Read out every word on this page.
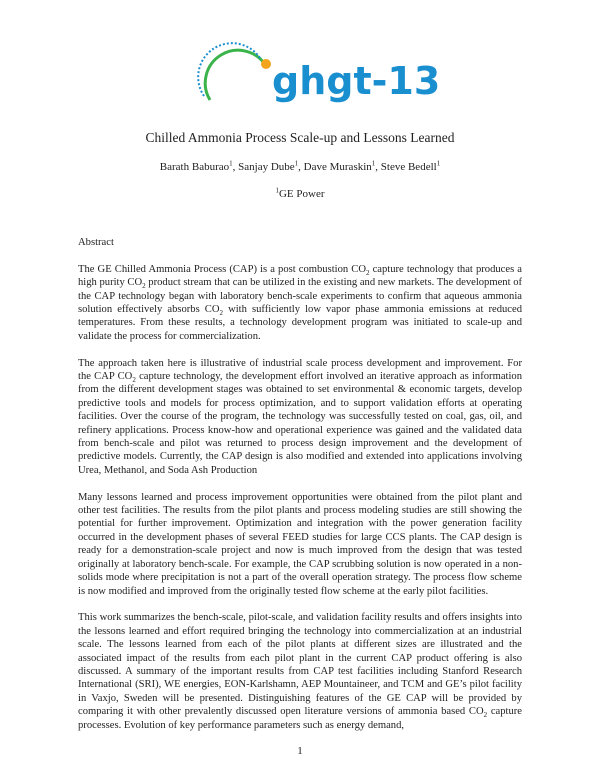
ghgt-13
Chilled Ammonia Process Scale-up and Lessons Learned
Barath Baburao$^1$, Sanjay Dube$^1$, Dave Muraskin$^1$, Steve Bedell$^1$
$^1$GE Power

Abstract

The GE Chilled Ammonia Process (CAP) is a post combustion $CO_2$ capture technology that produces a high purity $CO_2$ product stream that can be utilized in the existing and new markets. The development of the CAP technology began with laboratory bench-scale experiments to confirm that aqueous ammonia solution effectively absorbs $CO_2$ with sufficiently low vapor phase ammonia emissions at reduced temperatures. From these results, a technology development program was initiated to scale-up and validate the process for commercialization.

The approach taken here is illustrative of industrial scale process development and improvement. For the CAP $CO_2$ capture technology, the development effort involved an iterative approach as information from the different development stages was obtained to set environmental & economic targets, develop predictive tools and models for process optimization, and to support validation efforts at operating facilities. Over the course of the program, the technology was successfully tested on coal, gas, oil, and refinery applications. Process know-how and operational experience was gained and the validated data from bench-scale and pilot was returned to process design improvement and the development of predictive models. Currently, the CAP design is also modified and extended into applications involving Urea, Methanol, and Soda Ash Production

Many lessons learned and process improvement opportunities were obtained from the pilot plant and other test facilities. The results from the pilot plants and process modeling studies are still showing the potential for further improvement. Optimization and integration with the power generation facility occurred in the development phases of several FEED studies for large CCS plants. The CAP design is ready for a demonstration-scale project and now is much improved from the design that was tested originally at laboratory bench-scale. For example, the CAP scrubbing solution is now operated in a non-solids mode where precipitation is not a part of the overall operation strategy. The process flow scheme is now modified and improved from the originally tested flow scheme at the early pilot facilities.

This work summarizes the bench-scale, pilot-scale, and validation facility results and offers insights into the lessons learned and effort required bringing the technology into commercialization at an industrial scale. The lessons learned from each of the pilot plants at different sizes are illustrated and the associated impact of the results from each pilot plant in the current CAP product offering is also discussed. A summary of the important results from CAP test facilities including Stanford Research International (SRI), WE energies, EON-Karlshamn, AEP Mountaineer, and TCM and GE’s pilot facility in Vaxjo, Sweden will be presented. Distinguishing features of the GE CAP will be provided by comparing it with other prevalently discussed open literature versions of ammonia based $CO_2$ capture processes. Evolution of key performance parameters such as energy demand,

1
